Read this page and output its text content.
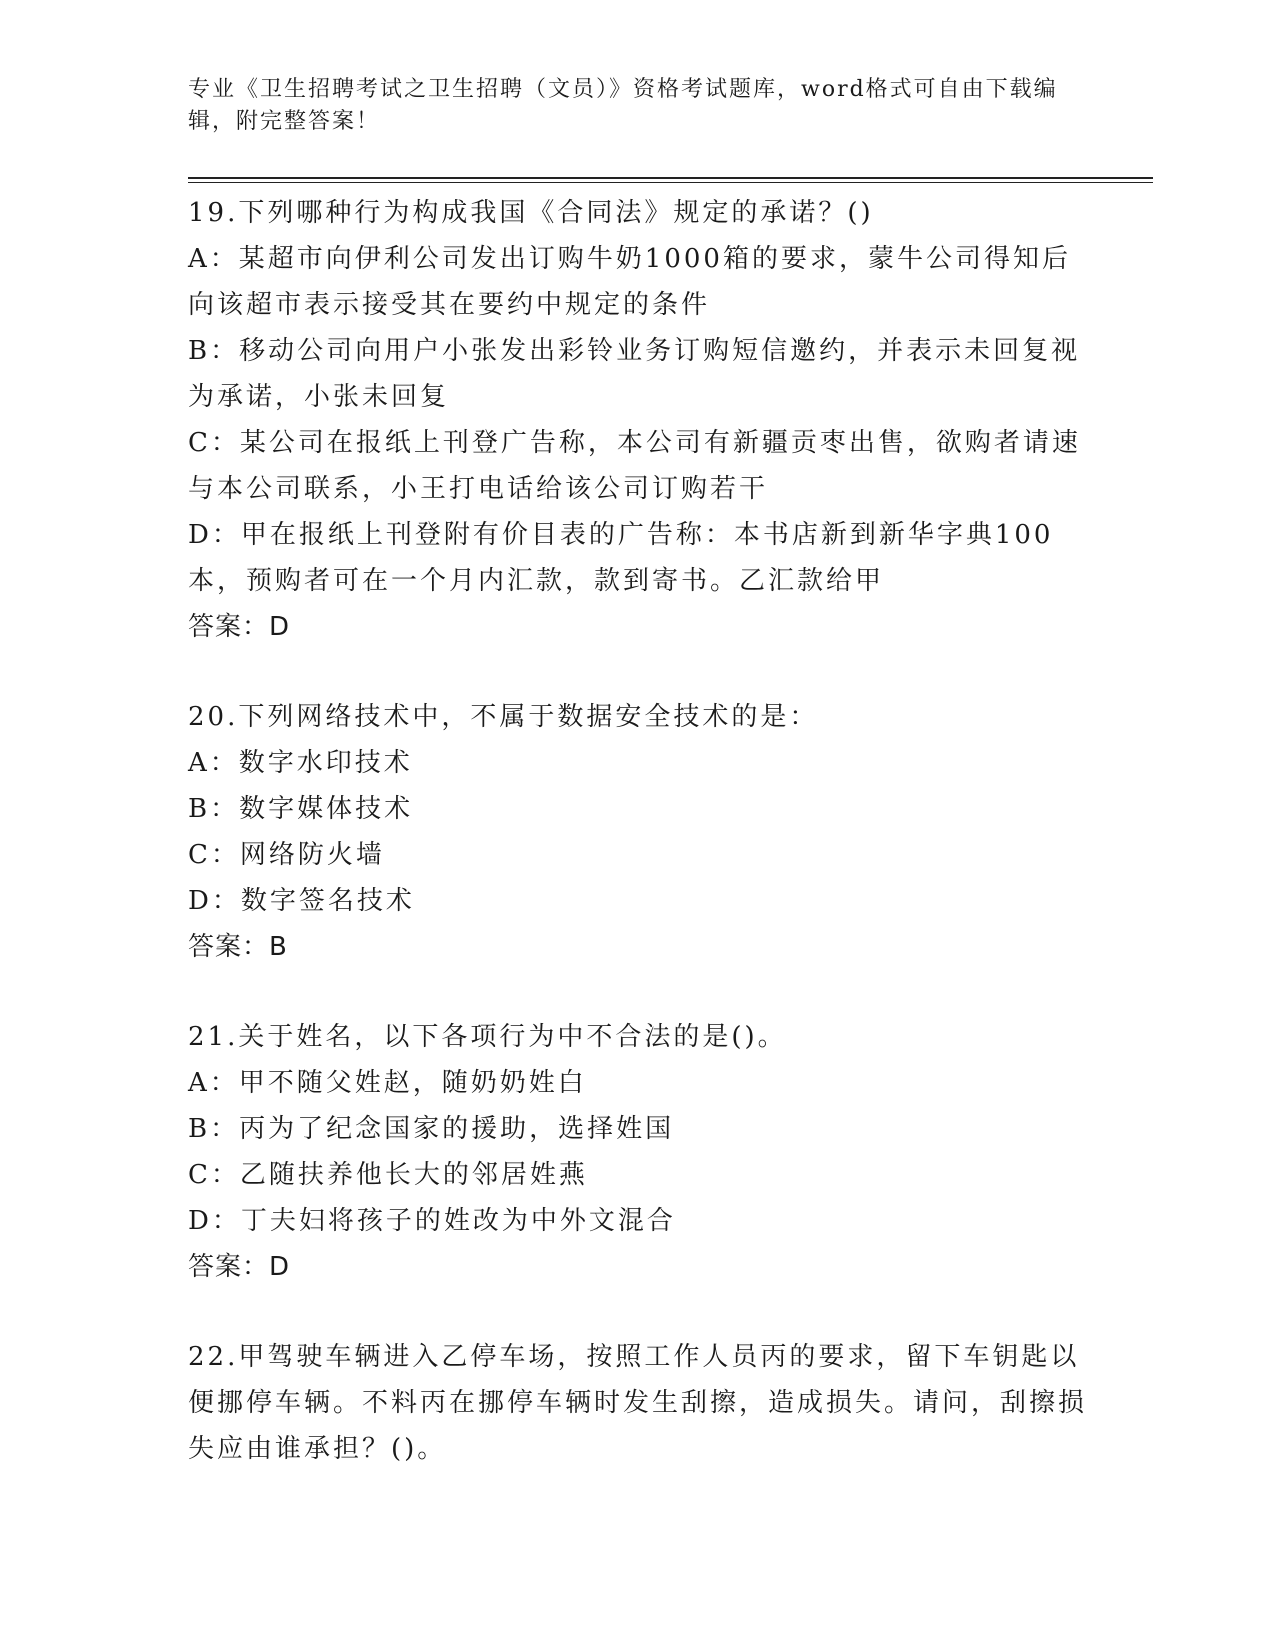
专业《卫生招聘考试之卫生招聘（文员）》资格考试题库，word格式可自由下载编辑，附完整答案！
19.下列哪种行为构成我国《合同法》规定的承诺？()
A：某超市向伊利公司发出订购牛奶1000箱的要求，蒙牛公司得知后向该超市表示接受其在要约中规定的条件
B：移动公司向用户小张发出彩铃业务订购短信邀约，并表示未回复视为承诺，小张未回复
C：某公司在报纸上刊登广告称，本公司有新疆贡枣出售，欲购者请速与本公司联系，小王打电话给该公司订购若干
D：甲在报纸上刊登附有价目表的广告称：本书店新到新华字典100本，预购者可在一个月内汇款，款到寄书。乙汇款给甲
答案：D
20.下列网络技术中，不属于数据安全技术的是：
A：数字水印技术
B：数字媒体技术
C：网络防火墙
D：数字签名技术
答案：B
21.关于姓名，以下各项行为中不合法的是()。
A：甲不随父姓赵，随奶奶姓白
B：丙为了纪念国家的援助，选择姓国
C：乙随扶养他长大的邻居姓燕
D：丁夫妇将孩子的姓改为中外文混合
答案：D
22.甲驾驶车辆进入乙停车场，按照工作人员丙的要求，留下车钥匙以便挪停车辆。不料丙在挪停车辆时发生刮擦，造成损失。请问，刮擦损失应由谁承担？()。
